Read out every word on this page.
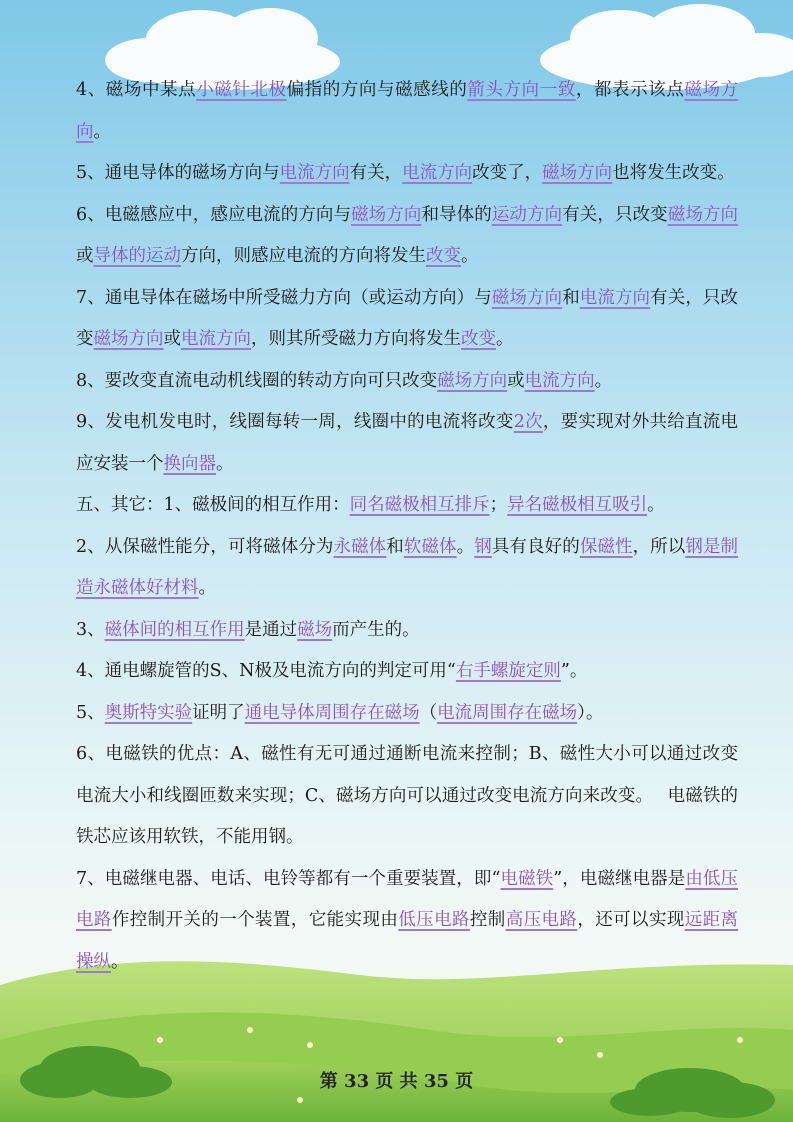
4、磁场中某点小磁针北极偏指的方向与磁感线的箭头方向一致，都表示该点磁场方向。

5、通电导体的磁场方向与电流方向有关，电流方向改变了，磁场方向也将发生改变。

6、电磁感应中，感应电流的方向与磁场方向和导体的运动方向有关，只改变磁场方向或导体的运动方向，则感应电流的方向将发生改变。

7、通电导体在磁场中所受磁力方向（或运动方向）与磁场方向和电流方向有关，只改变磁场方向或电流方向，则其所受磁力方向将发生改变。

8、要改变直流电动机线圈的转动方向可只改变磁场方向或电流方向。

9、发电机发电时，线圈每转一周，线圈中的电流将改变2次，要实现对外共给直流电应安装一个换向器。

五、其它：1、磁极间的相互作用：同名磁极相互排斥；异名磁极相互吸引。

2、从保磁性能分，可将磁体分为永磁体和软磁体。钢具有良好的保磁性，所以钢是制造永磁体好材料。

3、磁体间的相互作用是通过磁场而产生的。

4、通电螺旋管的S、N极及电流方向的判定可用“右手螺旋定则”。

5、奥斯特实验证明了通电导体周围存在磁场（电流周围存在磁场）。

6、电磁铁的优点：A、磁性有无可通过通断电流来控制；B、磁性大小可以通过改变电流大小和线圈匝数来实现；C、磁场方向可以通过改变电流方向来改变。　 电磁铁的铁芯应该用软铁，不能用钢。

7、电磁继电器、电话、电铃等都有一个重要装置，即“电磁铁”，电磁继电器是由低压电路作控制开关的一个装置，它能实现由低压电路控制高压电路，还可以实现远距离操纵。

第 33 页 共 35 页
